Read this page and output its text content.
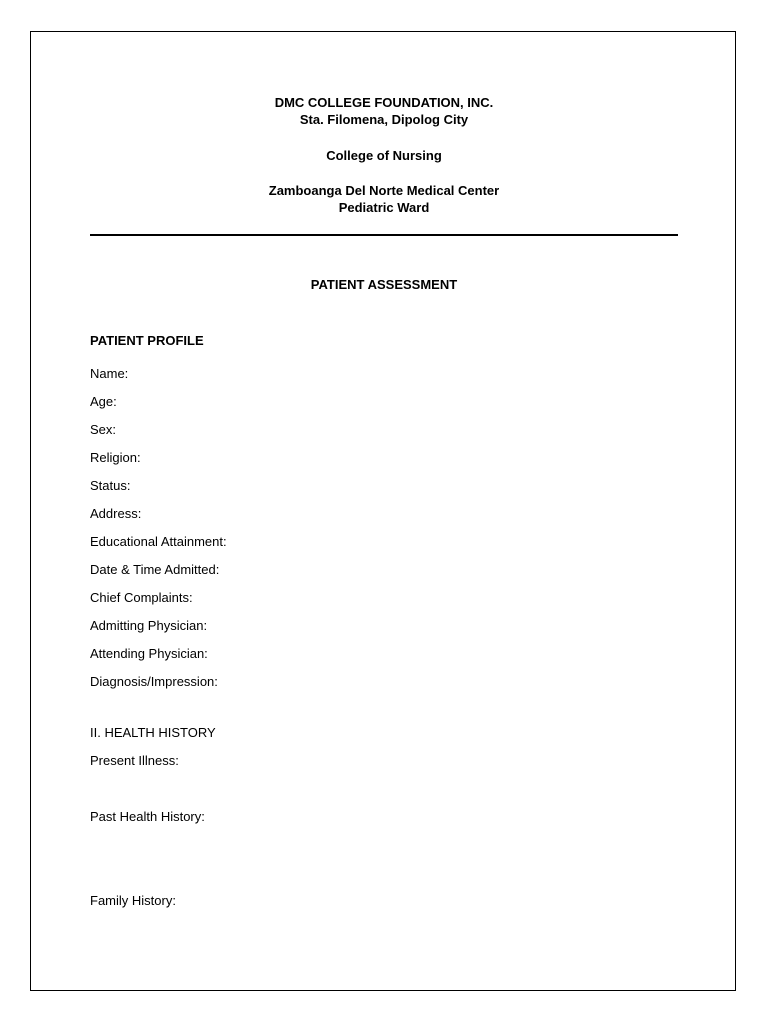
DMC COLLEGE FOUNDATION, INC.

Sta. Filomena, Dipolog City

College of Nursing

Zamboanga Del Norte Medical Center

Pediatric Ward

PATIENT ASSESSMENT

PATIENT PROFILE

Name:
Age:
Sex:
Religion:
Status:
Address:
Educational Attainment:
Date & Time Admitted:
Chief Complaints:
Admitting Physician:
Attending Physician:
Diagnosis/Impression:

II. HEALTH HISTORY

Present Illness:

Past Health History:

Family History:
